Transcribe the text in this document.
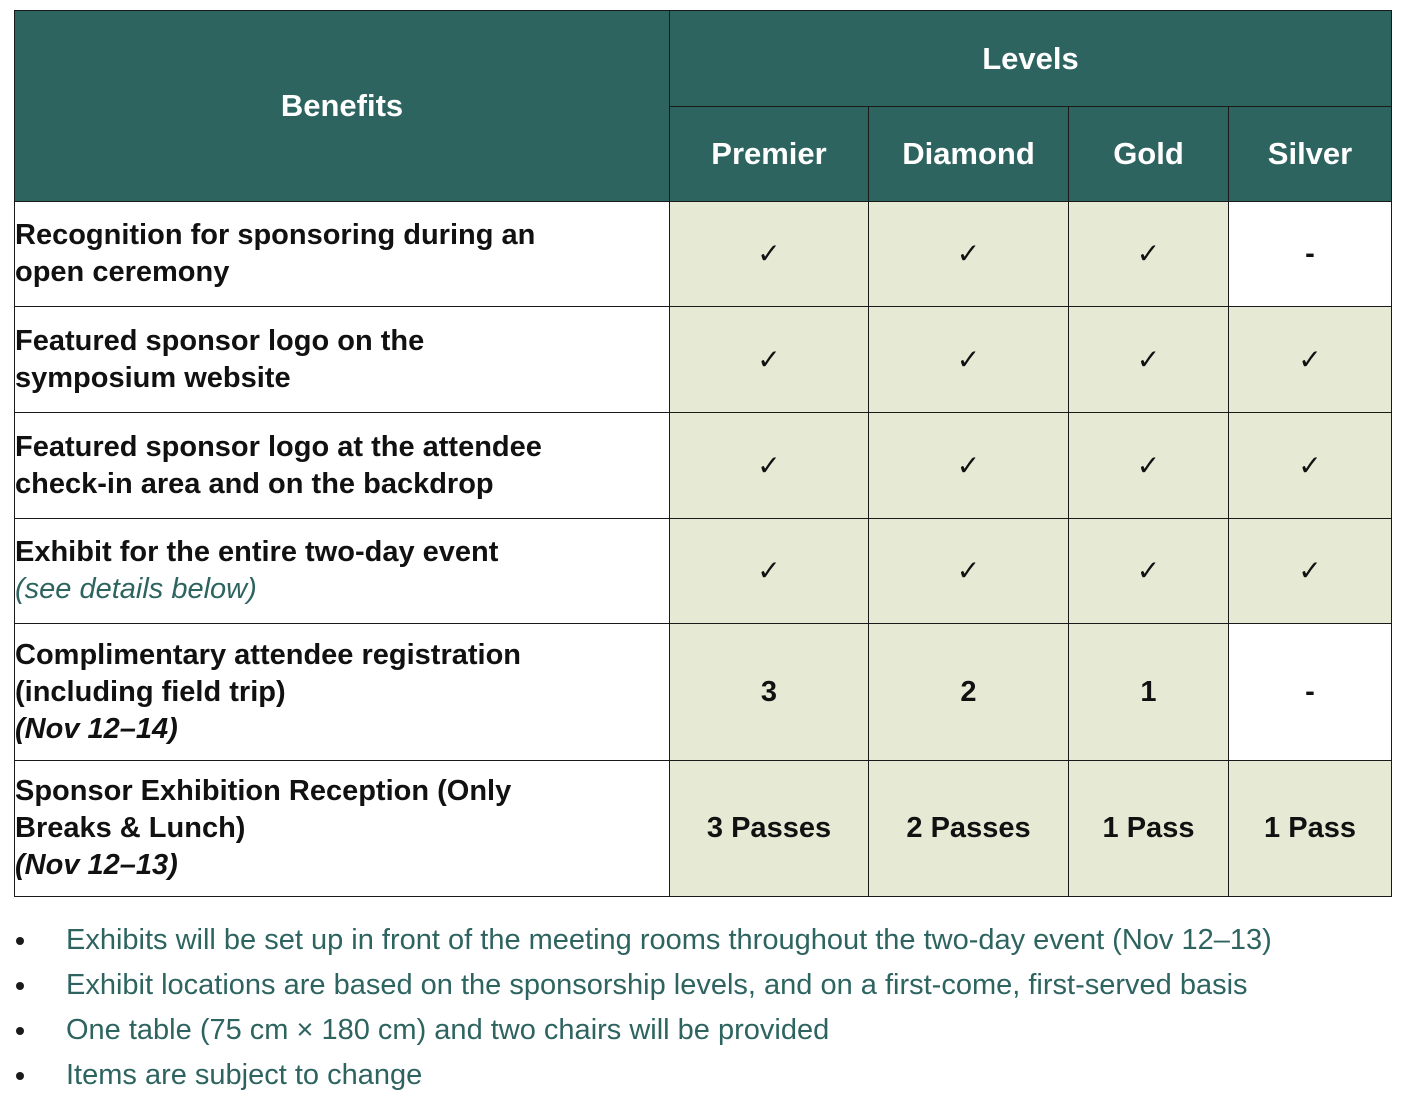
Benefits	Levels			
	Premier	Diamond	Gold	Silver

Recognition for sponsoring during an
open ceremony	✓	✓	✓	-

Featured sponsor logo on the
symposium website	✓	✓	✓	✓

Featured sponsor logo at the attendee
check-in area and on the backdrop	✓	✓	✓	✓

Exhibit for the entire two-day event
(see details below)	✓	✓	✓	✓

Complimentary attendee registration
(including field trip)
(Nov 12–14)	3	2	1	-

Sponsor Exhibition Reception (Only
Breaks & Lunch)
(Nov 12–13)	3 Passes	2 Passes	1 Pass	1 Pass
Exhibits will be set up in front of the meeting rooms throughout the two-day event (Nov 12–13)
Exhibit locations are based on the sponsorship levels, and on a first-come, first-served basis
One table (75 cm × 180 cm) and two chairs will be provided
Items are subject to change
